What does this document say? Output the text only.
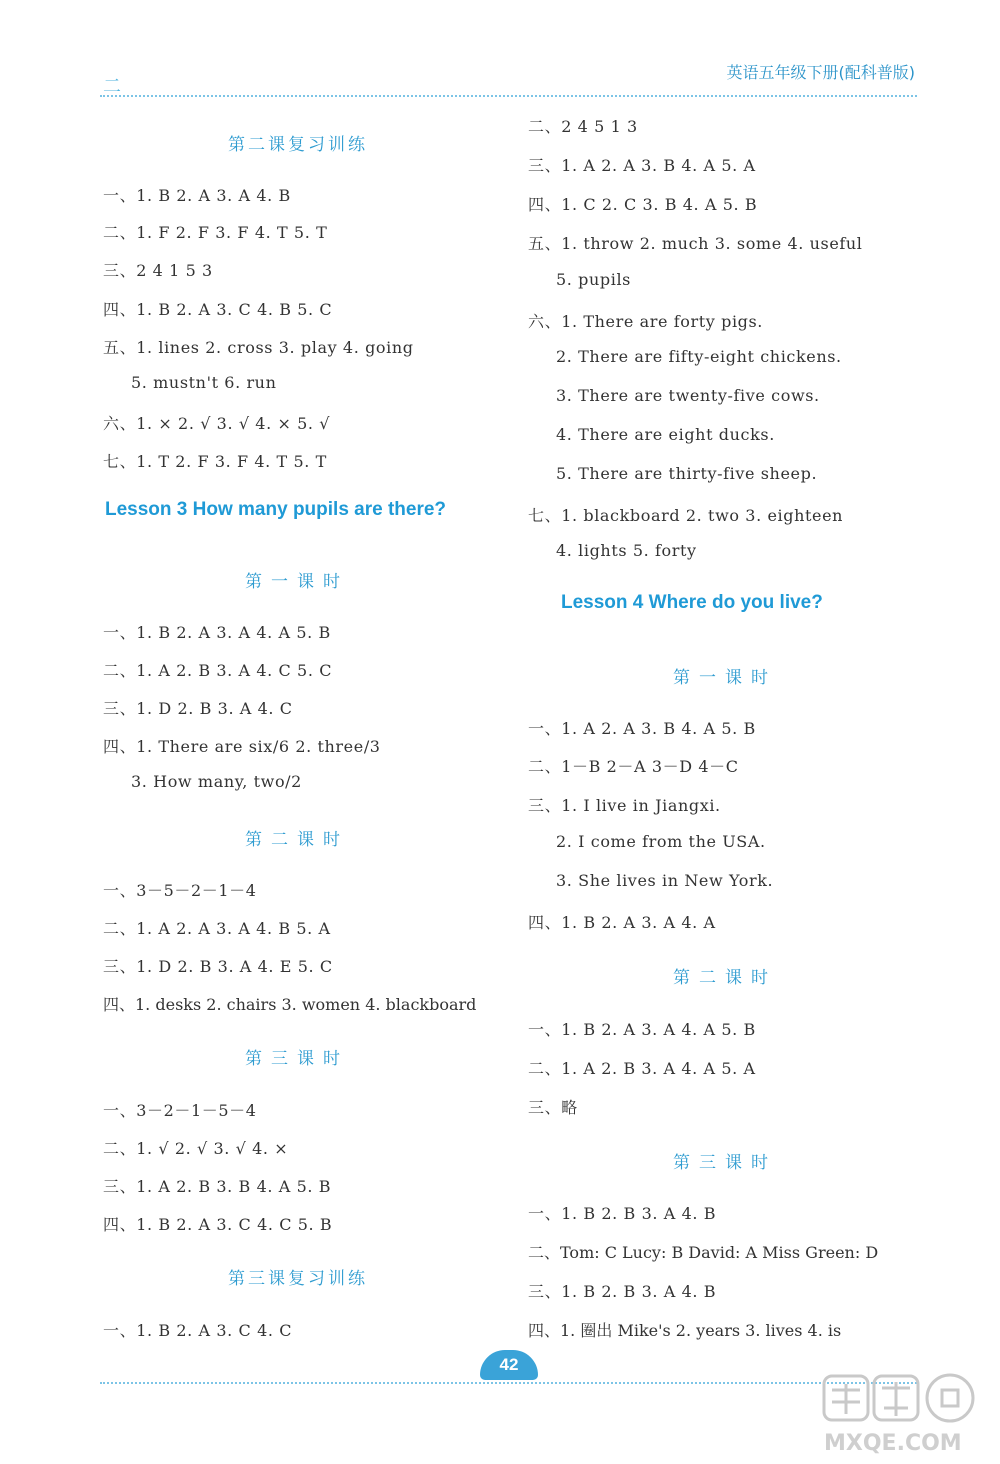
英语五年级下册(配科普版)
二
第二课复习训练
一、1. B 2. A 3. A 4. B
二、1. F 2. F 3. F 4. T 5. T
三、2 4 1 5 3
四、1. B 2. A 3. C 4. B 5. C
五、1. lines 2. cross 3. play 4. going
5. mustn't 6. run
六、1. × 2. √ 3. √ 4. × 5. √
七、1. T 2. F 3. F 4. T 5. T
Lesson 3 How many pupils are there?
第一课时
一、1. B 2. A 3. A 4. A 5. B
二、1. A 2. B 3. A 4. C 5. C
三、1. D 2. B 3. A 4. C
四、1. There are six/6 2. three/3
3. How many, two/2
第二课时
一、3－5－2－1－4
二、1. A 2. A 3. A 4. B 5. A
三、1. D 2. B 3. A 4. E 5. C
四、1. desks 2. chairs 3. women 4. blackboard
第三课时
一、3－2－1－5－4
二、1. √ 2. √ 3. √ 4. ×
三、1. A 2. B 3. B 4. A 5. B
四、1. B 2. A 3. C 4. C 5. B
第三课复习训练
一、1. B 2. A 3. C 4. C
二、2 4 5 1 3
三、1. A 2. A 3. B 4. A 5. A
四、1. C 2. C 3. B 4. A 5. B
五、1. throw 2. much 3. some 4. useful
5. pupils
六、1. There are forty pigs.
2. There are fifty-eight chickens.
3. There are twenty-five cows.
4. There are eight ducks.
5. There are thirty-five sheep.
七、1. blackboard 2. two 3. eighteen
4. lights 5. forty
Lesson 4 Where do you live?
第一课时
一、1. A 2. A 3. B 4. A 5. B
二、1－B 2－A 3－D 4－C
三、1. I live in Jiangxi.
2. I come from the USA.
3. She lives in New York.
四、1. B 2. A 3. A 4. A
第二课时
一、1. B 2. A 3. A 4. A 5. B
二、1. A 2. B 3. A 4. A 5. A
三、略
第三课时
一、1. B 2. B 3. A 4. B
二、Tom: C Lucy: B David: A Miss Green: D
三、1. B 2. B 3. A 4. B
四、1. 圈出 Mike's 2. years 3. lives 4. is
42
MXQE.COM
